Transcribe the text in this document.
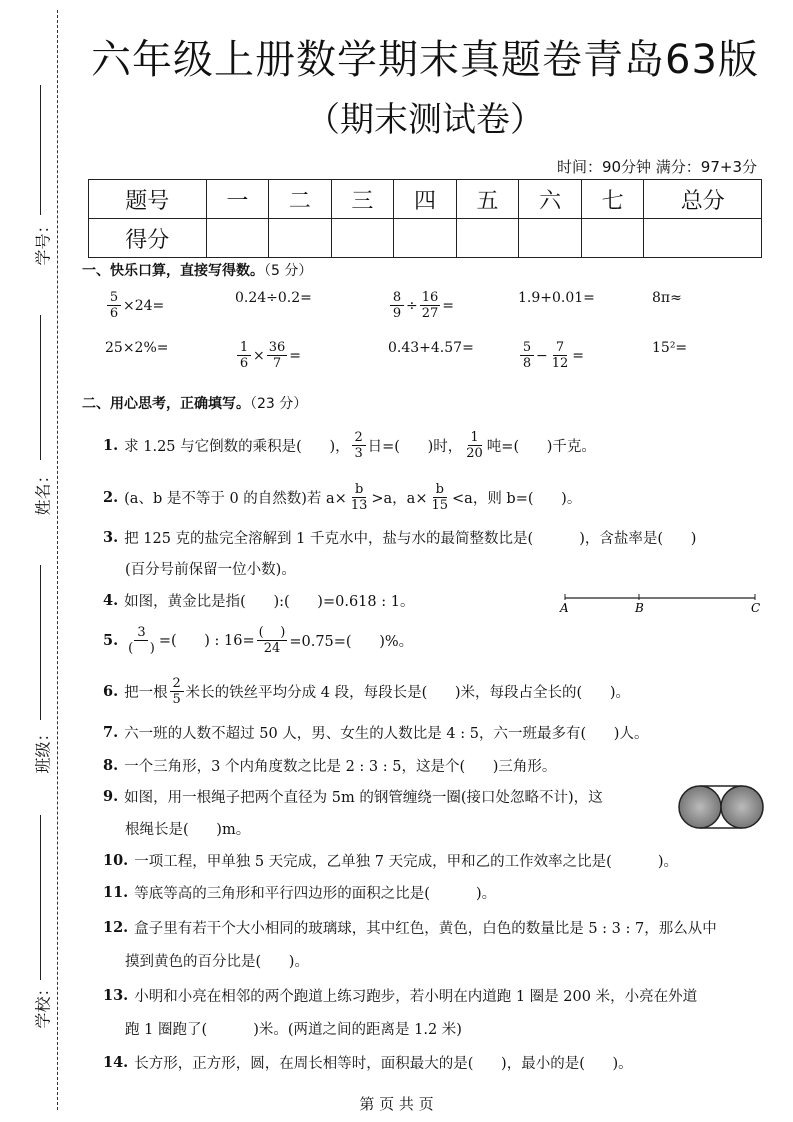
学号：
姓名：
班级：
学校：
六年级上册数学期末真题卷青岛63版
（期末测试卷）
时间：90分钟 满分：97+3分
题号	一	二	三	四	五	六	七	总分
得分								
一、快乐口算，直接写得数。（5 分）
$\frac{5}{6} \times 24=$	0.24÷0.2=	$\frac{8}{9} \div \frac{16}{27}$ =	1.9+0.01=	8π≈
25×2%=	$\frac{1}{6} \times \frac{36}{7}$ =	0.43+4.57=	$\frac{5}{8} - \frac{7}{12}$ =	15²=
二、用心思考，正确填写。（23 分）
1. 求 1.25 与它倒数的乘积是(      )， $\frac{2}{3}$ 日=(      )时， $\frac{1}{20}$ 吨=(      )千克。
2. (a、b 是不等于 0 的自然数)若 $a\times \frac{b}{13} >a$，$a\times \frac{b}{15} <a$，则 b=(      )。
3. 把 125 克的盐完全溶解到 1 千克水中，盐与水的最简整数比是(          )，含盐率是(      )
(百分号前保留一位小数)。
4. 如图，黄金比是指(      ):(      )=0.618 : 1。
5. $\frac{3}{( )}$ =(      ) : $16= \frac{( )}{24} =0.75=$(      )%。
6. 把一根 $\frac{2}{5}$ 米长的铁丝平均分成 4 段，每段长是(      )米，每段占全长的(      )。
7. 六一班的人数不超过 50 人，男、女生的人数比是 4 : 5，六一班最多有(      )人。
8. 一个三角形，3 个内角度数之比是 2 : 3 : 5，这是个(      )三角形。
9. 如图，用一根绳子把两个直径为 5m 的钢管缠绕一圈(接口处忽略不计)，这
根绳长是(      )m。
10. 一项工程，甲单独 5 天完成，乙单独 7 天完成，甲和乙的工作效率之比是(          )。
11. 等底等高的三角形和平行四边形的面积之比是(          )。
12. 盒子里有若干个大小相同的玻璃球，其中红色，黄色，白色的数量比是 5 : 3 : 7，那么从中
摸到黄色的百分比是(      )。
13. 小明和小亮在相邻的两个跑道上练习跑步，若小明在内道跑 1 圈是 200 米，小亮在外道
跑 1 圈跑了(          )米。(两道之间的距离是 1.2 米)
14. 长方形，正方形，圆，在周长相等时，面积最大的是(      )，最小的是(      )。
A	B	C
第 页 共 页
